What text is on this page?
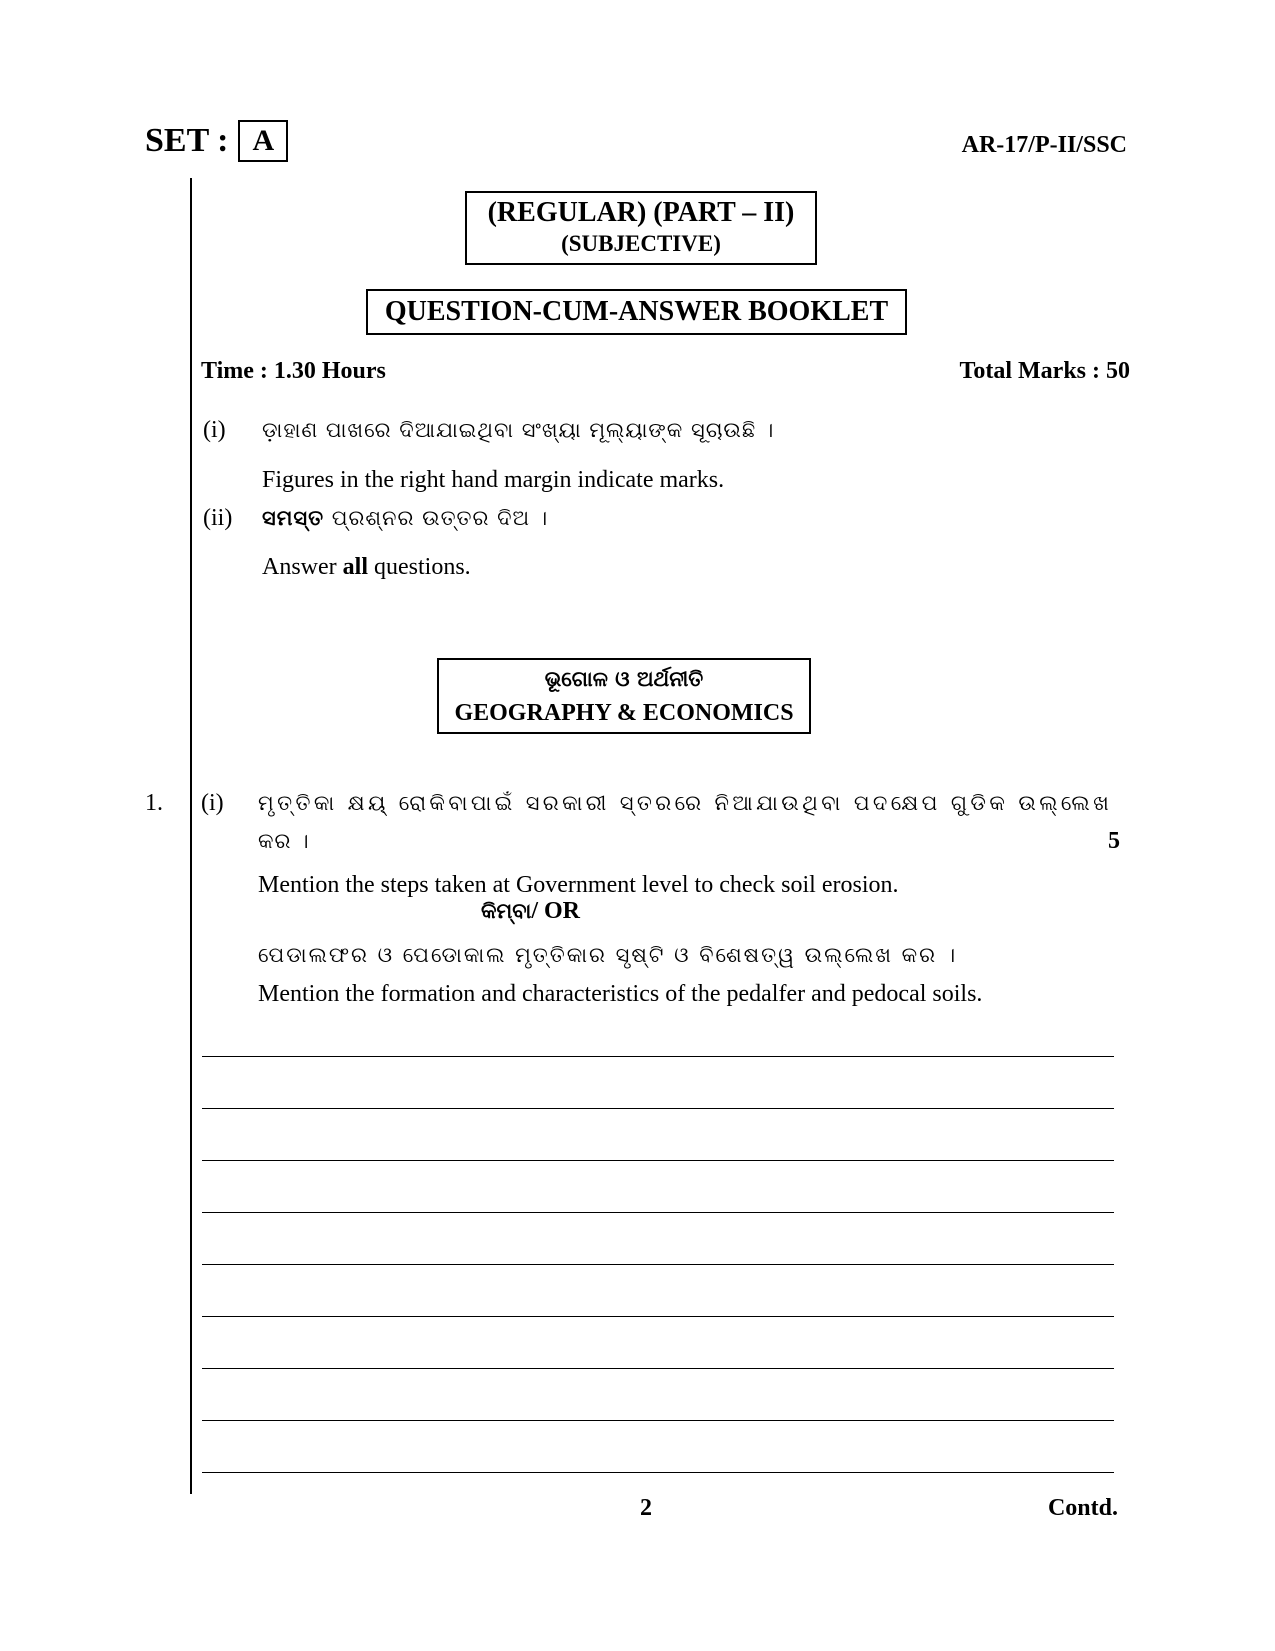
SET : A	AR-17/P-II/SSC
(REGULAR) (PART – II)
(SUBJECTIVE)
QUESTION-CUM-ANSWER BOOKLET
Time : 1.30 Hours	Total Marks : 50
(i) ଡ଼ାହାଣ ପାଖରେ ଦିଆଯାଇଥିବା ସଂଖ୍ୟା ମୂଲ୍ୟାଙ୍କ ସୂଚାଉଛି ।
Figures in the right hand margin indicate marks.
(ii) ସମସ୍ତ ପ୍ରଶ୍ନର ଉତ୍ତର ଦିଅ ।
Answer all questions.
ଭୂଗୋଳ ଓ ଅର୍ଥନୀତି
GEOGRAPHY & ECONOMICS
1. (i) ମୃତ୍ତିକା କ୍ଷୟ୍ ରୋକିବାପାଇଁ ସରକାରୀ ସ୍ତରରେ ନିଆଯାଉଥିବା ପଦକ୍ଷେପ ଗୁଡିକ ଉଲ୍ଲେଖ
କର ।	5
Mention the steps taken at Government level to check soil erosion.
କିମ୍ବା / OR
ପେଡାଲଫର ଓ ପେଡୋକାଲ ମୃତ୍ତିକାର ସୃଷ୍ଟି ଓ ବିଶେଷତ୍ୱ ଉଲ୍ଲେଖ କର ।
Mention the formation and characteristics of the pedalfer and pedocal soils.
2	Contd.
